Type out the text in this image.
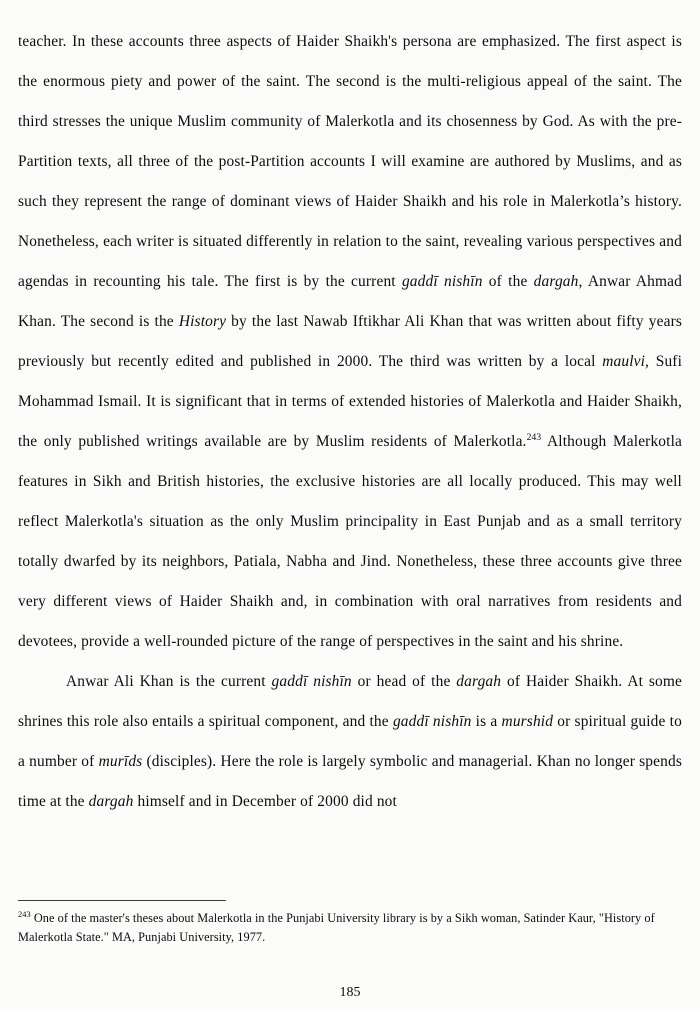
teacher. In these accounts three aspects of Haider Shaikh's persona are emphasized. The first aspect is the enormous piety and power of the saint. The second is the multi-religious appeal of the saint. The third stresses the unique Muslim community of Malerkotla and its chosenness by God. As with the pre-Partition texts, all three of the post-Partition accounts I will examine are authored by Muslims, and as such they represent the range of dominant views of Haider Shaikh and his role in Malerkotla’s history. Nonetheless, each writer is situated differently in relation to the saint, revealing various perspectives and agendas in recounting his tale. The first is by the current gaddī nishīn of the dargah, Anwar Ahmad Khan. The second is the History by the last Nawab Iftikhar Ali Khan that was written about fifty years previously but recently edited and published in 2000. The third was written by a local maulvi, Sufi Mohammad Ismail. It is significant that in terms of extended histories of Malerkotla and Haider Shaikh, the only published writings available are by Muslim residents of Malerkotla.$^{243}$ Although Malerkotla features in Sikh and British histories, the exclusive histories are all locally produced. This may well reflect Malerkotla's situation as the only Muslim principality in East Punjab and as a small territory totally dwarfed by its neighbors, Patiala, Nabha and Jind. Nonetheless, these three accounts give three very different views of Haider Shaikh and, in combination with oral narratives from residents and devotees, provide a well-rounded picture of the range of perspectives in the saint and his shrine.

Anwar Ali Khan is the current gaddī nishīn or head of the dargah of Haider Shaikh. At some shrines this role also entails a spiritual component, and the gaddī nishīn is a murshid or spiritual guide to a number of murīds (disciples). Here the role is largely symbolic and managerial. Khan no longer spends time at the dargah himself and in December of 2000 did not

$^{243}$ One of the master's theses about Malerkotla in the Punjabi University library is by a Sikh woman, Satinder Kaur, "History of Malerkotla State." MA, Punjabi University, 1977.
185
